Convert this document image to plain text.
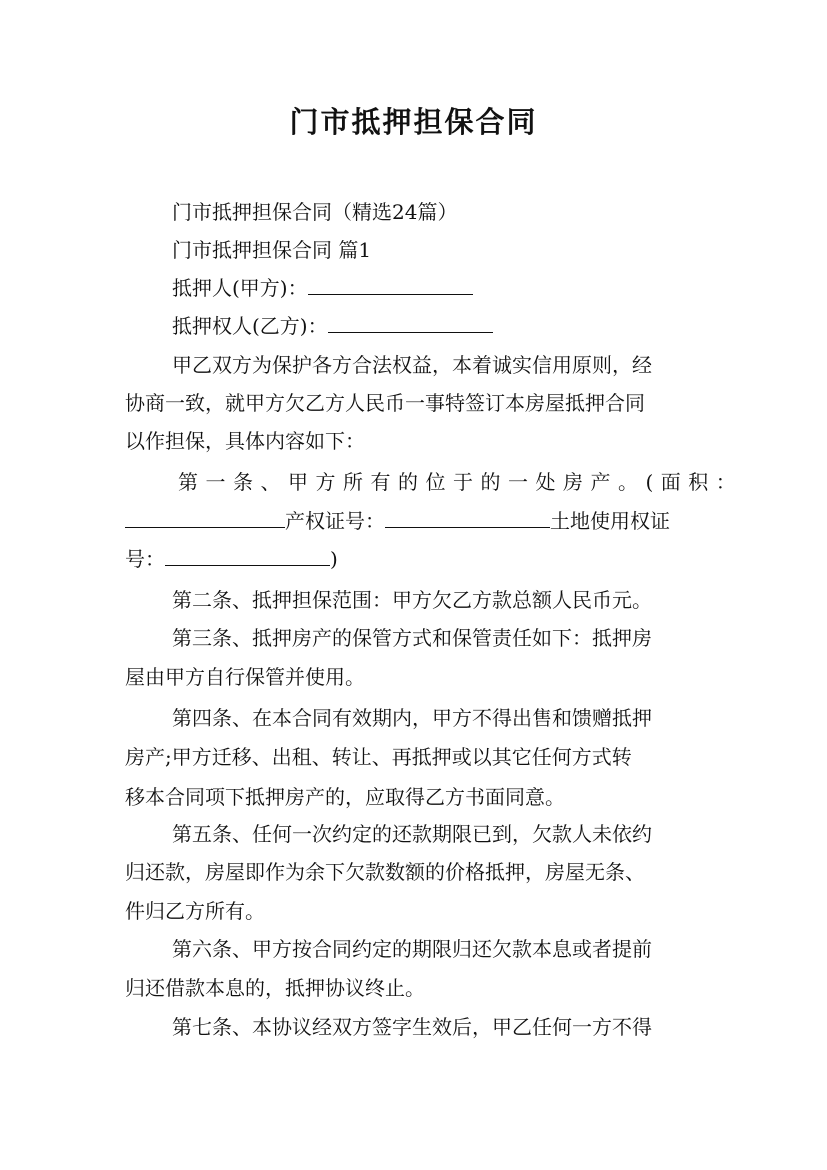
门市抵押担保合同
门市抵押担保合同（精选24篇）
门市抵押担保合同 篇1
抵押人(甲方)：
抵押权人(乙方)：
甲乙双方为保护各方合法权益，本着诚实信用原则，经
协商一致，就甲方欠乙方人民币一事特签订本房屋抵押合同
以作担保，具体内容如下：
第一条、甲方所有的位于的一处房产。(面积：
产权证号：	土地使用权证
号：	)
第二条、抵押担保范围：甲方欠乙方款总额人民币元。
第三条、抵押房产的保管方式和保管责任如下：抵押房
屋由甲方自行保管并使用。
第四条、在本合同有效期内，甲方不得出售和馈赠抵押
房产;甲方迁移、出租、转让、再抵押或以其它任何方式转
移本合同项下抵押房产的，应取得乙方书面同意。
第五条、任何一次约定的还款期限已到，欠款人未依约
归还款，房屋即作为余下欠款数额的价格抵押，房屋无条、
件归乙方所有。
第六条、甲方按合同约定的期限归还欠款本息或者提前
归还借款本息的，抵押协议终止。
第七条、本协议经双方签字生效后，甲乙任何一方不得
